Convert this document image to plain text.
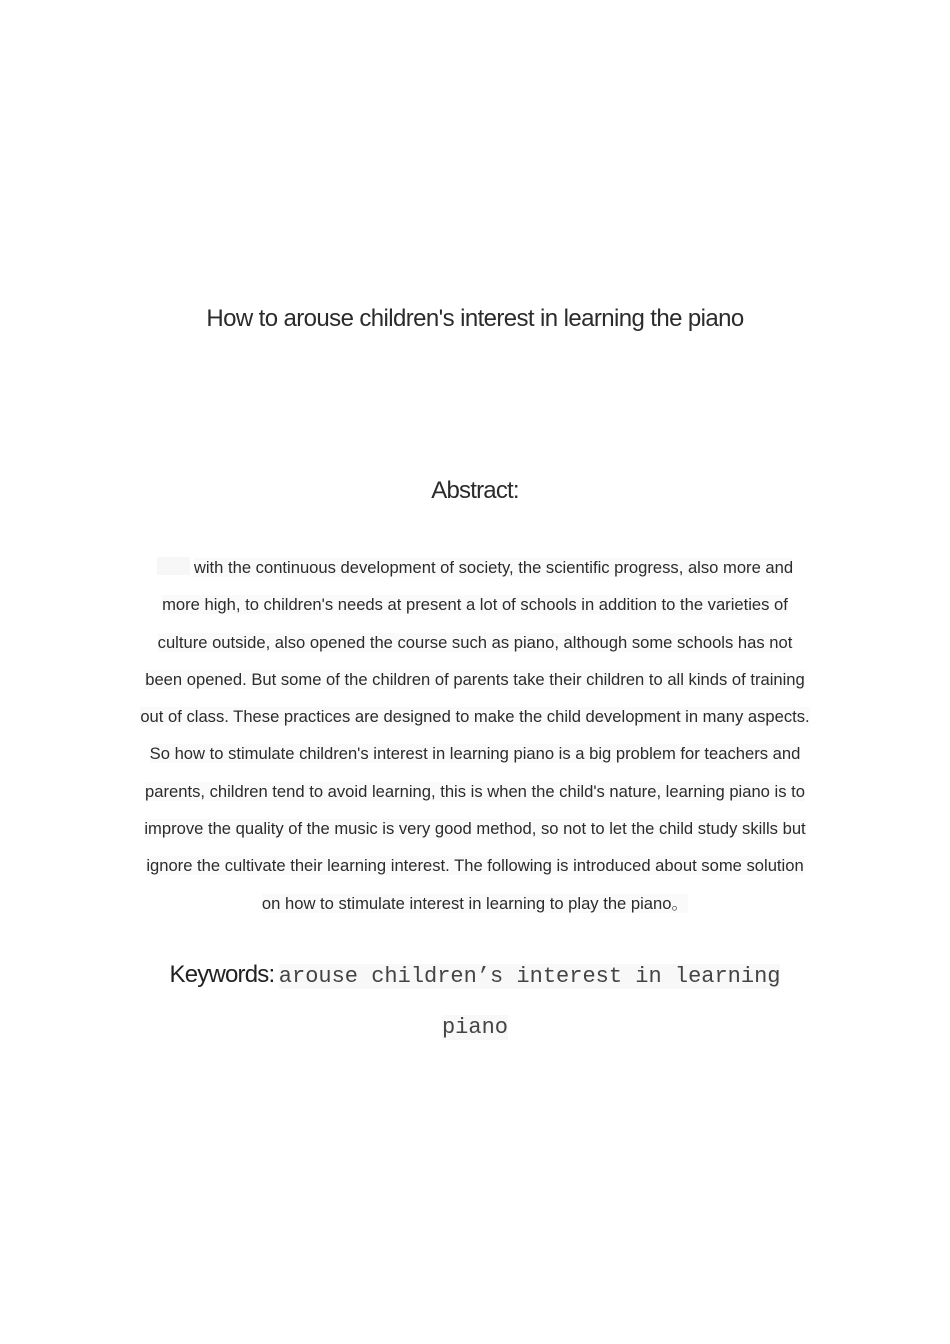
How to arouse children's interest in learning the piano
Abstract:

with the continuous development of society, the scientific progress, also more and more high, to children's needs at present a lot of schools in addition to the varieties of culture outside, also opened the course such as piano, although some schools has not been opened. But some of the children of parents take their children to all kinds of training out of class. These practices are designed to make the child development in many aspects. So how to stimulate children's interest in learning piano is a big problem for teachers and parents, children tend to avoid learning, this is when the child's nature, learning piano is to improve the quality of the music is very good method, so not to let the child study skills but ignore the cultivate their learning interest. The following is introduced about some solution on how to stimulate interest in learning to play the piano。

Keywords: arouse children’s interest in learning piano
